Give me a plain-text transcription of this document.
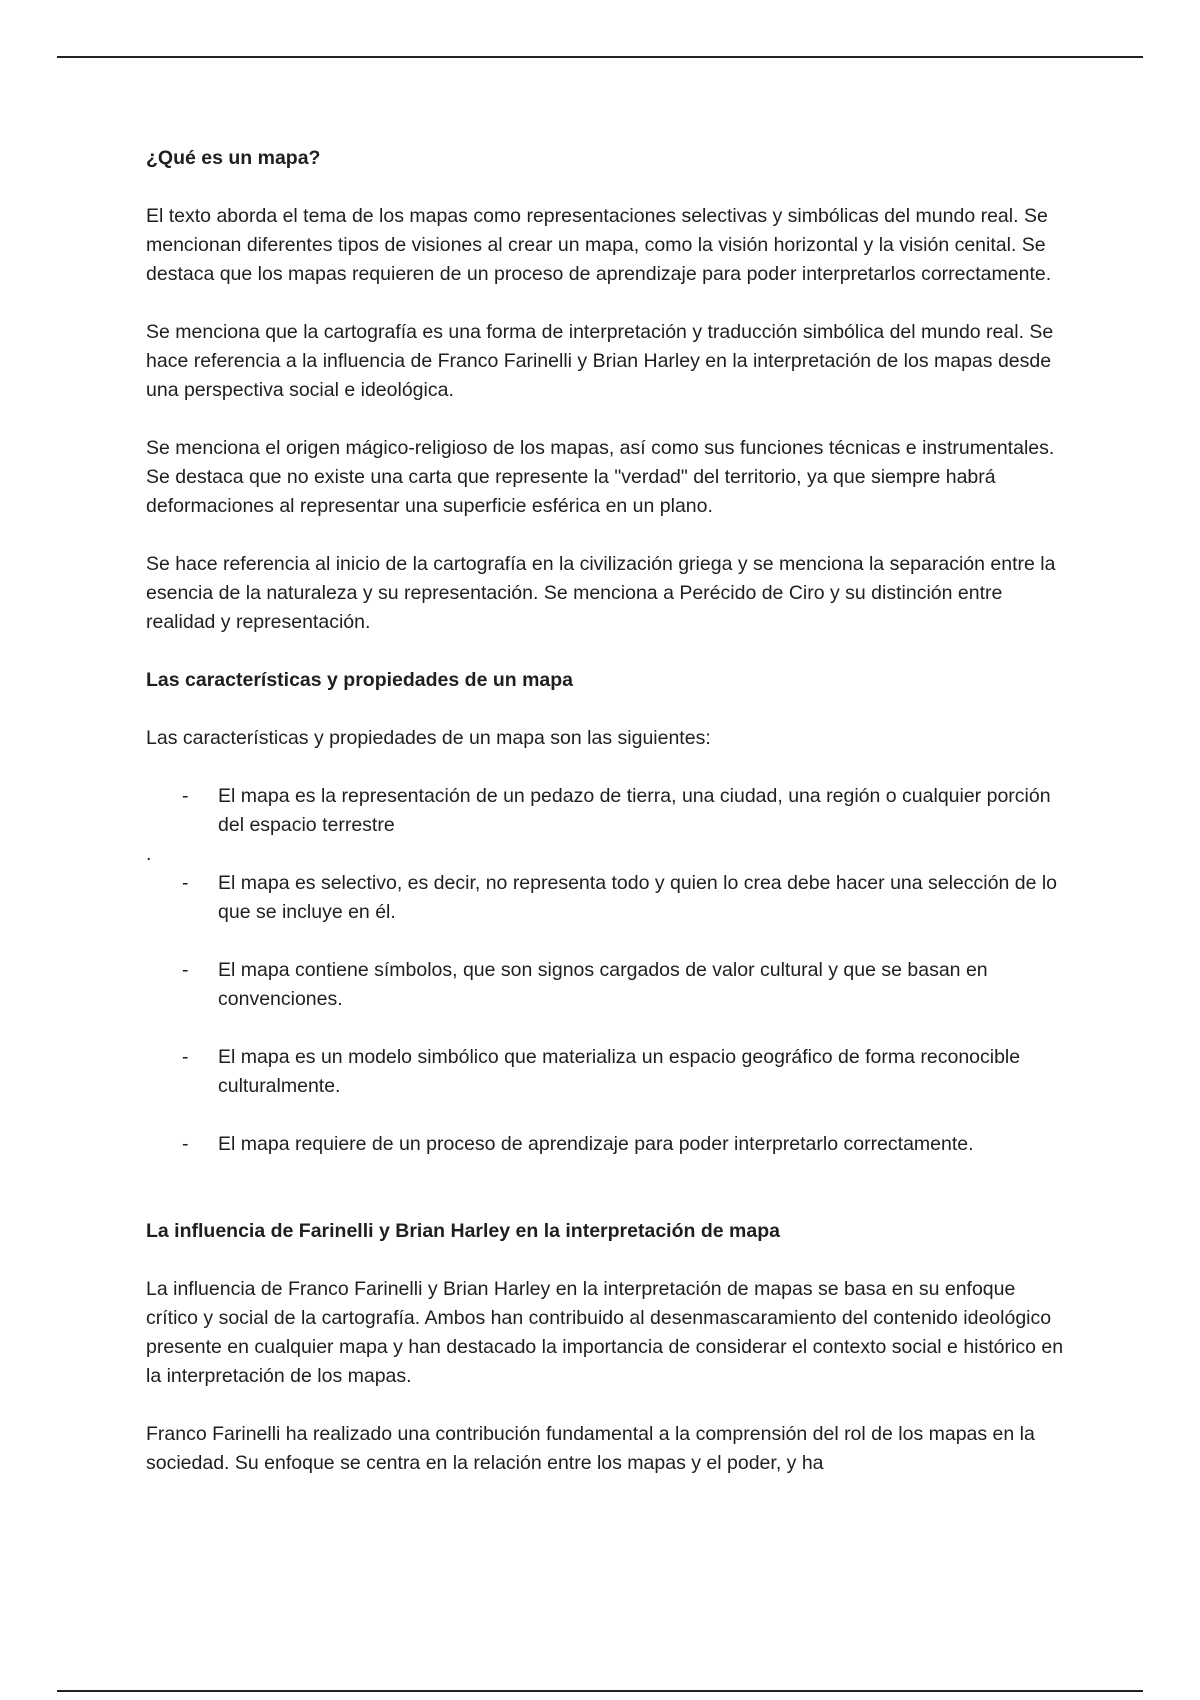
¿Qué es un mapa?

El texto aborda el tema de los mapas como representaciones selectivas y simbólicas del mundo real. Se mencionan diferentes tipos de visiones al crear un mapa, como la visión horizontal y la visión cenital. Se destaca que los mapas requieren de un proceso de aprendizaje para poder interpretarlos correctamente.

Se menciona que la cartografía es una forma de interpretación y traducción simbólica del mundo real. Se hace referencia a la influencia de Franco Farinelli y Brian Harley en la interpretación de los mapas desde una perspectiva social e ideológica.

Se menciona el origen mágico-religioso de los mapas, así como sus funciones técnicas e instrumentales. Se destaca que no existe una carta que represente la "verdad" del territorio, ya que siempre habrá deformaciones al representar una superficie esférica en un plano.

Se hace referencia al inicio de la cartografía en la civilización griega y se menciona la separación entre la esencia de la naturaleza y su representación. Se menciona a Perécido de Ciro y su distinción entre realidad y representación.

Las características y propiedades de un mapa

Las características y propiedades de un mapa son las siguientes:

- El mapa es la representación de un pedazo de tierra, una ciudad, una región o cualquier porción del espacio terrestre
.
- El mapa es selectivo, es decir, no representa todo y quien lo crea debe hacer una selección de lo que se incluye en él.
- El mapa contiene símbolos, que son signos cargados de valor cultural y que se basan en convenciones.
- El mapa es un modelo simbólico que materializa un espacio geográfico de forma reconocible culturalmente.
- El mapa requiere de un proceso de aprendizaje para poder interpretarlo correctamente.
La influencia de Farinelli y Brian Harley en la interpretación de mapa

La influencia de Franco Farinelli y Brian Harley en la interpretación de mapas se basa en su enfoque crítico y social de la cartografía. Ambos han contribuido al desenmascaramiento del contenido ideológico presente en cualquier mapa y han destacado la importancia de considerar el contexto social e histórico en la interpretación de los mapas.

Franco Farinelli ha realizado una contribución fundamental a la comprensión del rol de los mapas en la sociedad. Su enfoque se centra en la relación entre los mapas y el poder, y ha
